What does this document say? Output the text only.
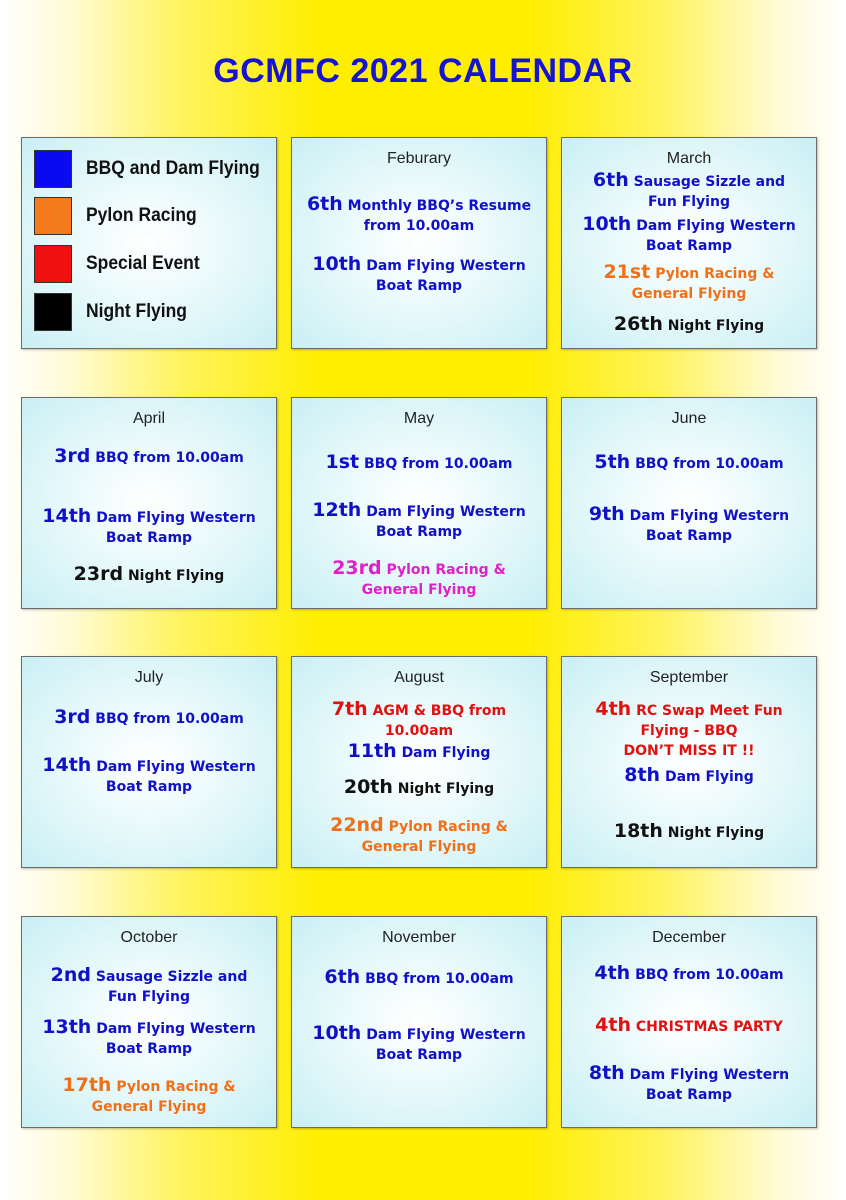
GCMFC 2021 CALENDAR
BBQ and Dam Flying
Pylon Racing
Special Event
Night Flying
Feburary
6th Monthly BBQ’s Resume
from 10.00am
10th Dam Flying Western
Boat Ramp
March
6th Sausage Sizzle and
Fun Flying
10th Dam Flying Western
Boat Ramp
21st Pylon Racing &
General Flying
26th Night Flying
April
3rd BBQ from 10.00am
14th Dam Flying Western
Boat Ramp
23rd Night Flying
May
1st BBQ from 10.00am
12th Dam Flying Western
Boat Ramp
23rd Pylon Racing &
General Flying
June
5th BBQ from 10.00am
9th Dam Flying Western
Boat Ramp
July
3rd BBQ from 10.00am
14th Dam Flying Western
Boat Ramp
August
7th AGM & BBQ from
10.00am
11th Dam Flying
20th Night Flying
22nd Pylon Racing &
General Flying
September
4th RC Swap Meet Fun
Flying - BBQ
DON’T MISS IT !!
8th Dam Flying
18th Night Flying
October
2nd Sausage Sizzle and
Fun Flying
13th Dam Flying Western
Boat Ramp
17th Pylon Racing &
General Flying
November
6th BBQ from 10.00am
10th Dam Flying Western
Boat Ramp
December
4th BBQ from 10.00am
4th CHRISTMAS PARTY
8th Dam Flying Western
Boat Ramp
